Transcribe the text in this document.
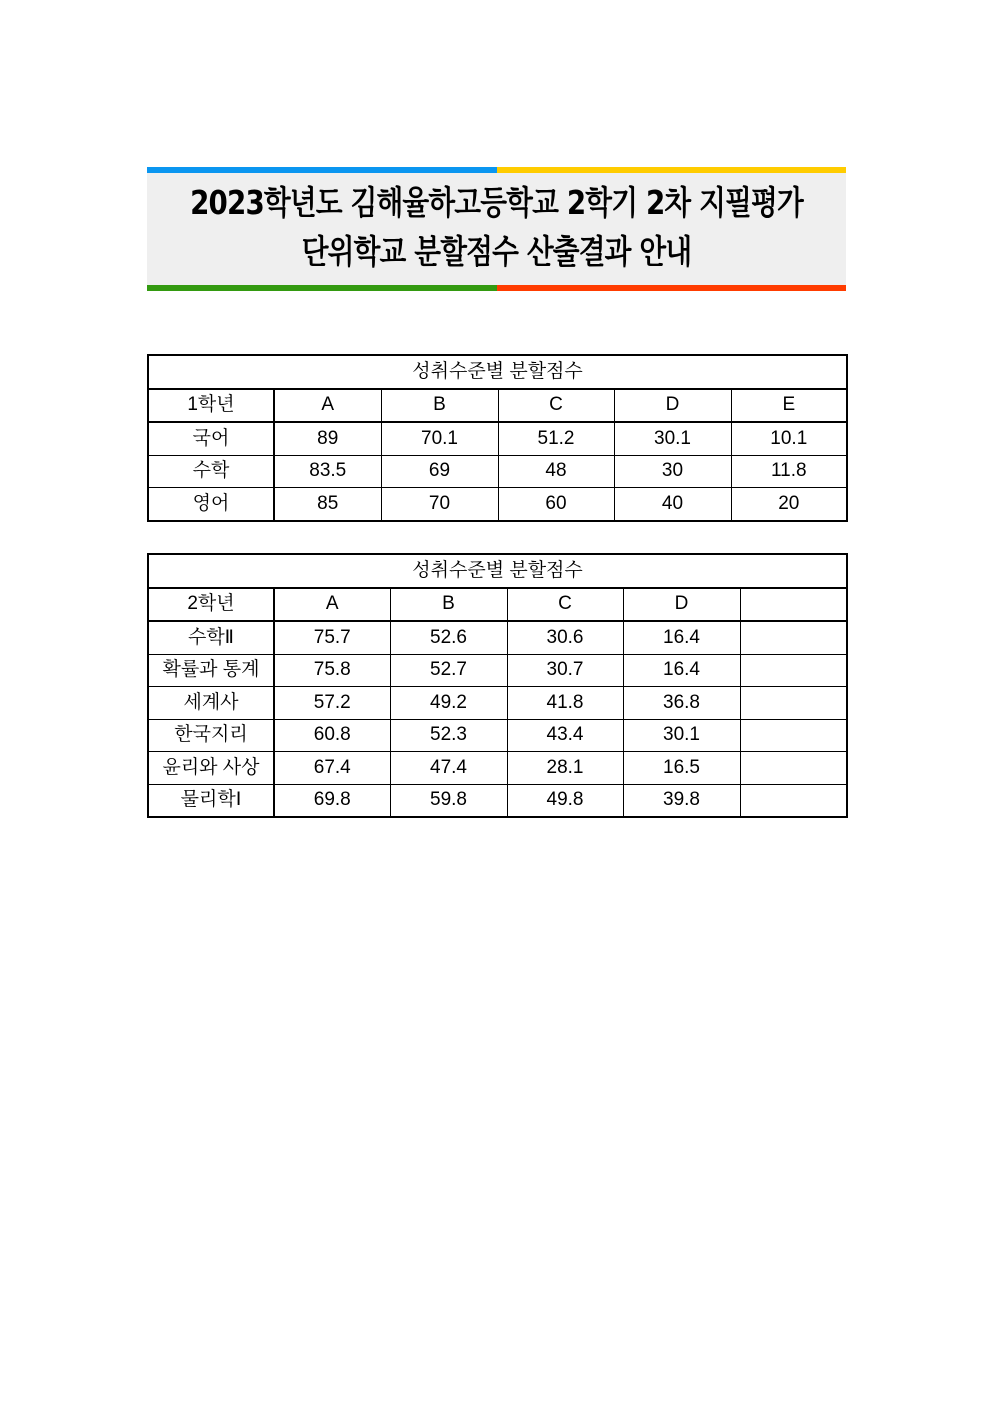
2023학년도 김해율하고등학교 2학기 2차 지필평가
단위학교 분할점수 산출결과 안내
성취수준별 분할점수					
1학년	A	B	C	D	E
국어	89	70.1	51.2	30.1	10.1
수학	83.5	69	48	30	11.8
영어	85	70	60	40	20
성취수준별 분할점수					
2학년	A	B	C	D	
수학Ⅱ	75.7	52.6	30.6	16.4	
확률과 통계	75.8	52.7	30.7	16.4	
세계사	57.2	49.2	41.8	36.8	
한국지리	60.8	52.3	43.4	30.1	
윤리와 사상	67.4	47.4	28.1	16.5	
물리학Ⅰ	69.8	59.8	49.8	39.8	
